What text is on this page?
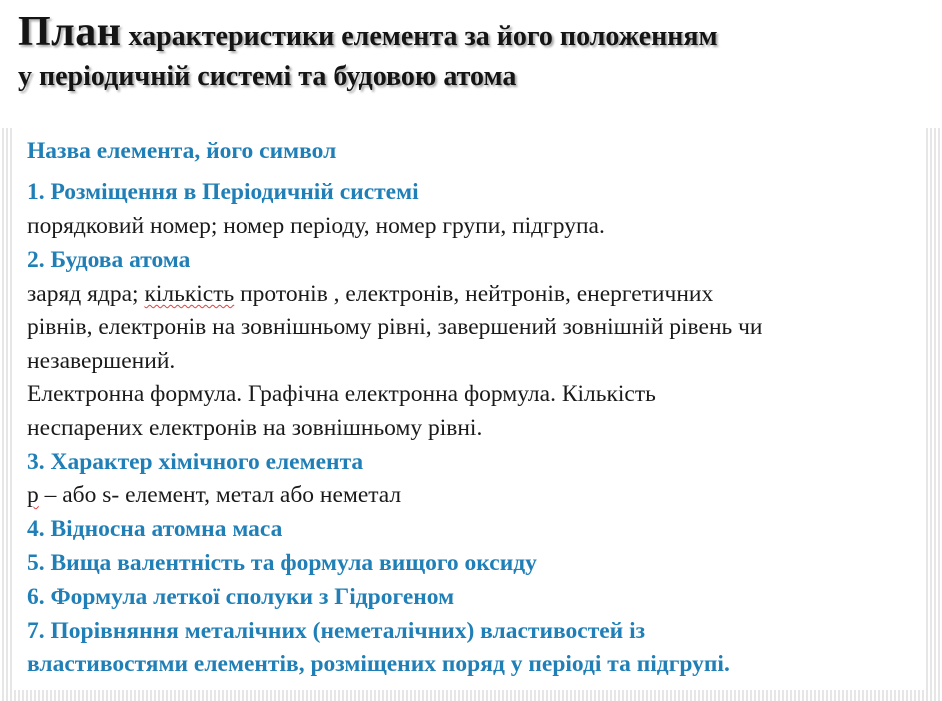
План характеристики елемента за його положенням
у періодичній системі та будовою атома
Назва елемента, його символ
1. Розміщення в Періодичній системі
порядковий номер; номер періоду, номер групи, підгрупа.
2. Будова атома
заряд ядра; кількість протонів , електронів, нейтронів, енергетичних
рівнів, електронів на зовнішньому рівні, завершений зовнішній рівень чи
незавершений.
Електронна формула. Графічна електронна формула. Кількість
неспарених електронів на зовнішньому рівні.
3. Характер хімічного елемента
р – або s- елемент, метал або неметал
4. Відносна атомна маса
5. Вища валентність та формула вищого оксиду
6. Формула леткої сполуки з Гідрогеном
7. Порівняння металічних (неметалічних) властивостей із
властивостями елементів, розміщених поряд у періоді та підгрупі.
